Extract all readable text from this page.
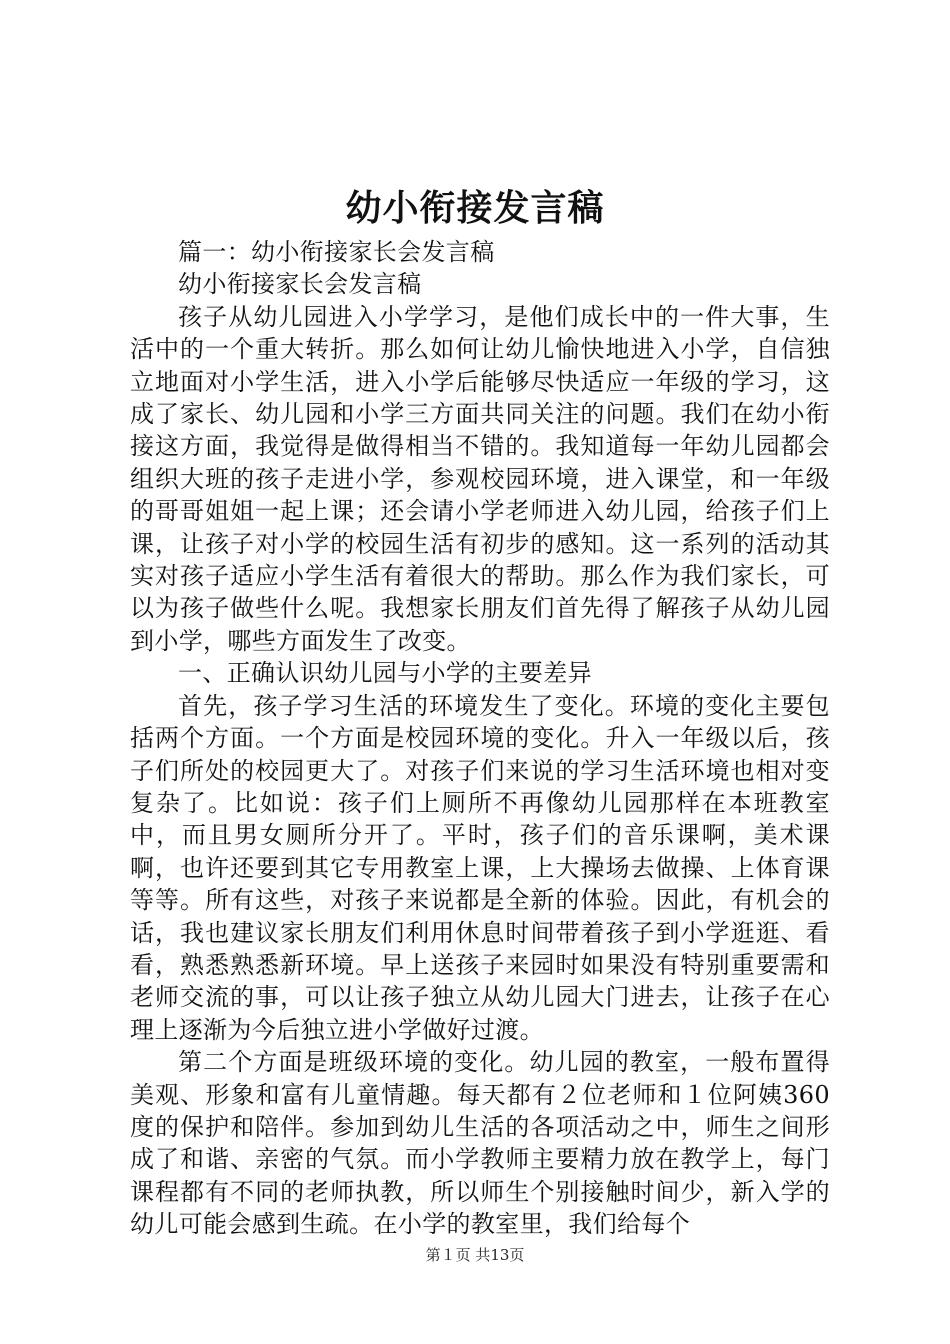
幼小衔接发言稿

篇一：幼小衔接家长会发言稿

幼小衔接家长会发言稿

孩子从幼儿园进入小学学习，是他们成长中的一件大事，生活中的一个重大转折。那么如何让幼儿愉快地进入小学，自信独立地面对小学生活，进入小学后能够尽快适应一年级的学习，这成了家长、幼儿园和小学三方面共同关注的问题。我们在幼小衔接这方面，我觉得是做得相当不错的。我知道每一年幼儿园都会组织大班的孩子走进小学，参观校园环境，进入课堂，和一年级的哥哥姐姐一起上课；还会请小学老师进入幼儿园，给孩子们上课，让孩子对小学的校园生活有初步的感知。这一系列的活动其实对孩子适应小学生活有着很大的帮助。那么作为我们家长，可以为孩子做些什么呢。我想家长朋友们首先得了解孩子从幼儿园到小学，哪些方面发生了改变。

一、正确认识幼儿园与小学的主要差异

首先，孩子学习生活的环境发生了变化。环境的变化主要包括两个方面。一个方面是校园环境的变化。升入一年级以后，孩子们所处的校园更大了。对孩子们来说的学习生活环境也相对变复杂了。比如说：孩子们上厕所不再像幼儿园那样在本班教室中，而且男女厕所分开了。平时，孩子们的音乐课啊，美术课啊，也许还要到其它专用教室上课，上大操场去做操、上体育课等等。所有这些，对孩子来说都是全新的体验。因此，有机会的话，我也建议家长朋友们利用休息时间带着孩子到小学逛逛、看看，熟悉熟悉新环境。早上送孩子来园时如果没有特别重要需和老师交流的事，可以让孩子独立从幼儿园大门进去，让孩子在心理上逐渐为今后独立进小学做好过渡。

第二个方面是班级环境的变化。幼儿园的教室，一般布置得美观、形象和富有儿童情趣。每天都有２位老师和１位阿姨360度的保护和陪伴。参加到幼儿生活的各项活动之中，师生之间形成了和谐、亲密的气氛。而小学教师主要精力放在教学上，每门课程都有不同的老师执教，所以师生个别接触时间少，新入学的幼儿可能会感到生疏。在小学的教室里，我们给每个

第１页 共13页
